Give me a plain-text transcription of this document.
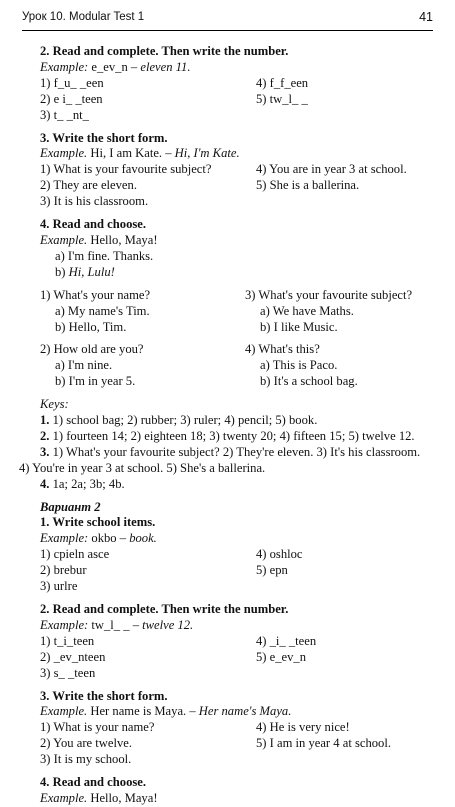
Урок 10. Modular Test 1	41
2. Read and complete. Then write the number.
Example: e_ev_n – eleven 11.
1) f_u_ _een	4) f_f_een
2) e i_ _teen	5) tw_l_ _
3) t_ _nt_
3. Write the short form.
Example. Hi, I am Kate. – Hi, I'm Kate.
1) What is your favourite subject?	4) You are in year 3 at school.
2) They are eleven.	5) She is a ballerina.
3) It is his classroom.
4. Read and choose.
Example. Hello, Maya!
a) I'm fine. Thanks.
b) Hi, Lulu!
1) What's your name?
a) My name's Tim.
b) Hello, Tim.
3) What's your favourite subject?
a) We have Maths.
b) I like Music.
2) How old are you?
a) I'm nine.
b) I'm in year 5.
4) What's this?
a) This is Paco.
b) It's a school bag.
Keys:
1. 1) school bag; 2) rubber; 3) ruler; 4) pencil; 5) book.
2. 1) fourteen 14; 2) eighteen 18; 3) twenty 20; 4) fifteen 15; 5) twelve 12.
3. 1) What's your favourite subject? 2) They're eleven. 3) It's his classroom.
4) You're in year 3 at school. 5) She's a ballerina.
4. 1a; 2a; 3b; 4b.
Вариант 2
1. Write school items.
Example: okbo – book.
1) cpieln asce	4) oshloc
2) brebur	5) epn
3) urlre
2. Read and complete. Then write the number.
Example: tw_l_ _ – twelve 12.
1) t_i_teen	4) _i_ _teen
2) _ev_nteen	5) e_ev_n
3) s_ _teen
3. Write the short form.
Example. Her name is Maya. – Her name's Maya.
1) What is your name?	4) He is very nice!
2) You are twelve.	5) I am in year 4 at school.
3) It is my school.
4. Read and choose.
Example. Hello, Maya!
